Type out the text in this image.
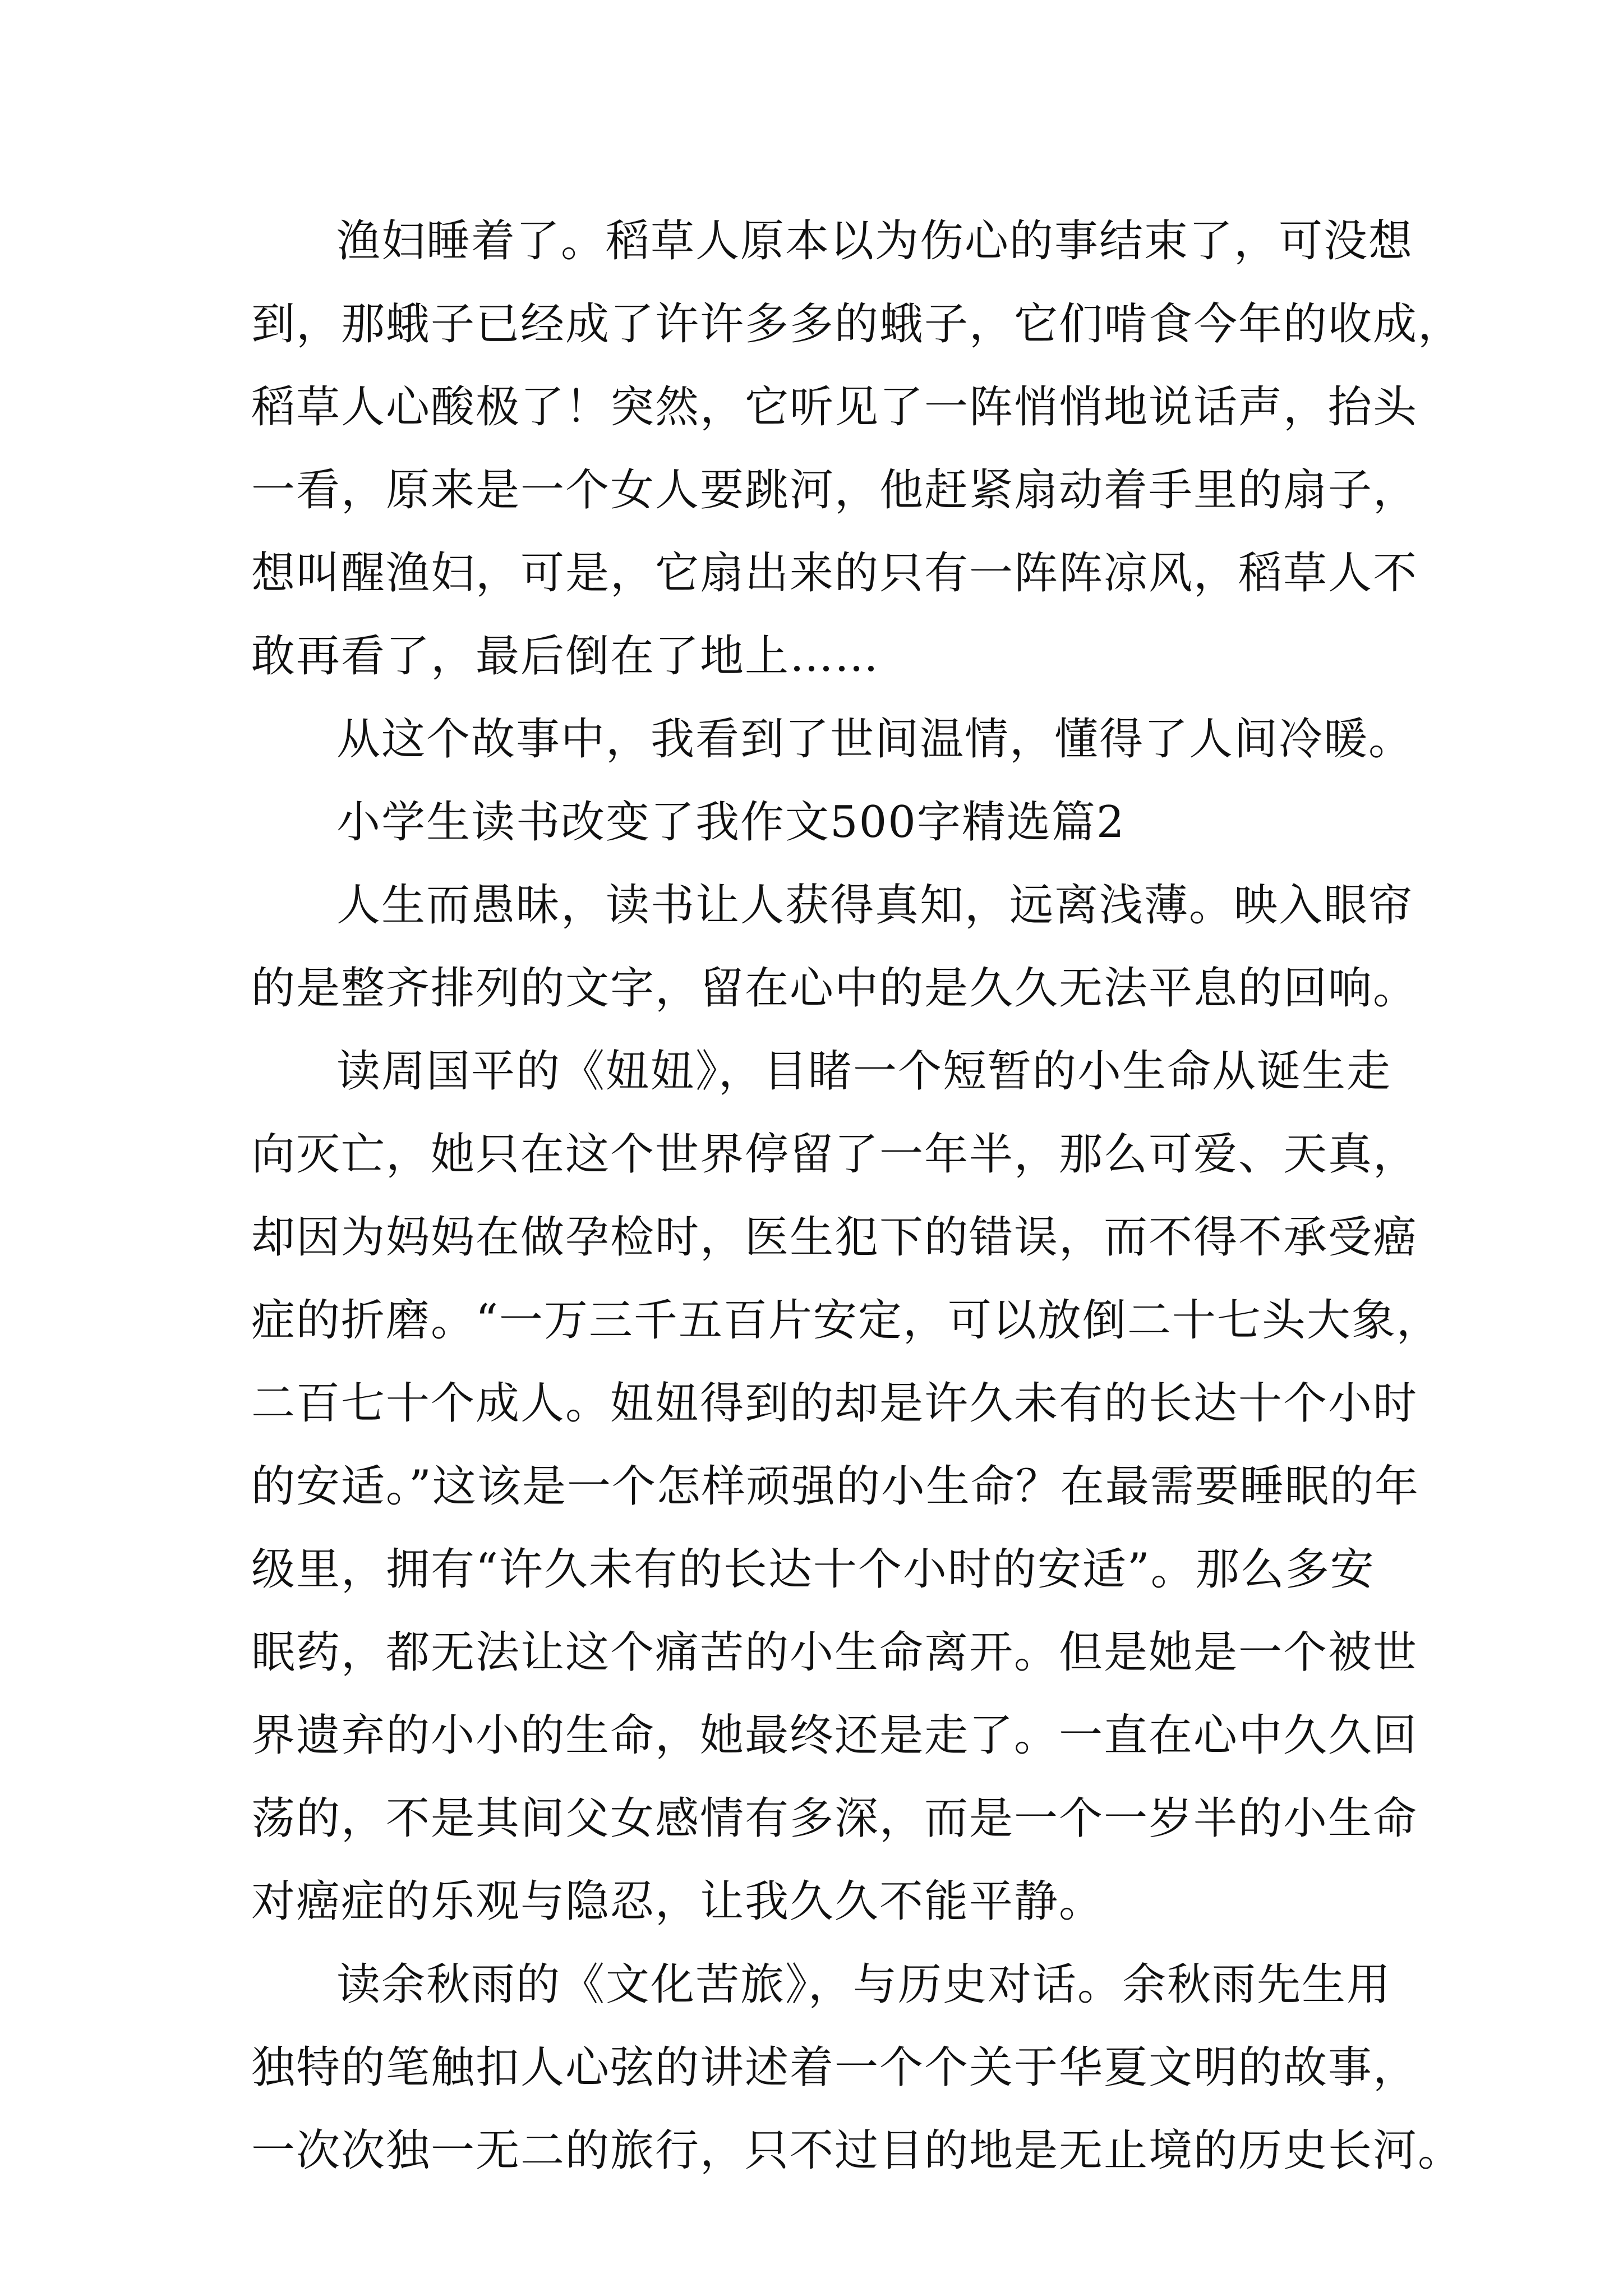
渔妇睡着了。稻草人原本以为伤心的事结束了，可没想
到，那蛾子已经成了许许多多的蛾子，它们啃食今年的收成，
稻草人心酸极了！突然，它听见了一阵悄悄地说话声，抬头
一看，原来是一个女人要跳河，他赶紧扇动着手里的扇子，
想叫醒渔妇，可是，它扇出来的只有一阵阵凉风，稻草人不
敢再看了，最后倒在了地上……
从这个故事中，我看到了世间温情，懂得了人间冷暖。
小学生读书改变了我作文500字精选篇2
人生而愚昧，读书让人获得真知，远离浅薄。映入眼帘
的是整齐排列的文字，留在心中的是久久无法平息的回响。
读周国平的《妞妞》，目睹一个短暂的小生命从诞生走
向灭亡，她只在这个世界停留了一年半，那么可爱、天真，
却因为妈妈在做孕检时，医生犯下的错误，而不得不承受癌
症的折磨。“一万三千五百片安定，可以放倒二十七头大象，
二百七十个成人。妞妞得到的却是许久未有的长达十个小时
的安适。”这该是一个怎样顽强的小生命？在最需要睡眠的年
级里，拥有“许久未有的长达十个小时的安适”。那么多安
眠药，都无法让这个痛苦的小生命离开。但是她是一个被世
界遗弃的小小的生命，她最终还是走了。一直在心中久久回
荡的，不是其间父女感情有多深，而是一个一岁半的小生命
对癌症的乐观与隐忍，让我久久不能平静。
读余秋雨的《文化苦旅》，与历史对话。余秋雨先生用
独特的笔触扣人心弦的讲述着一个个关于华夏文明的故事，
一次次独一无二的旅行，只不过目的地是无止境的历史长河。
